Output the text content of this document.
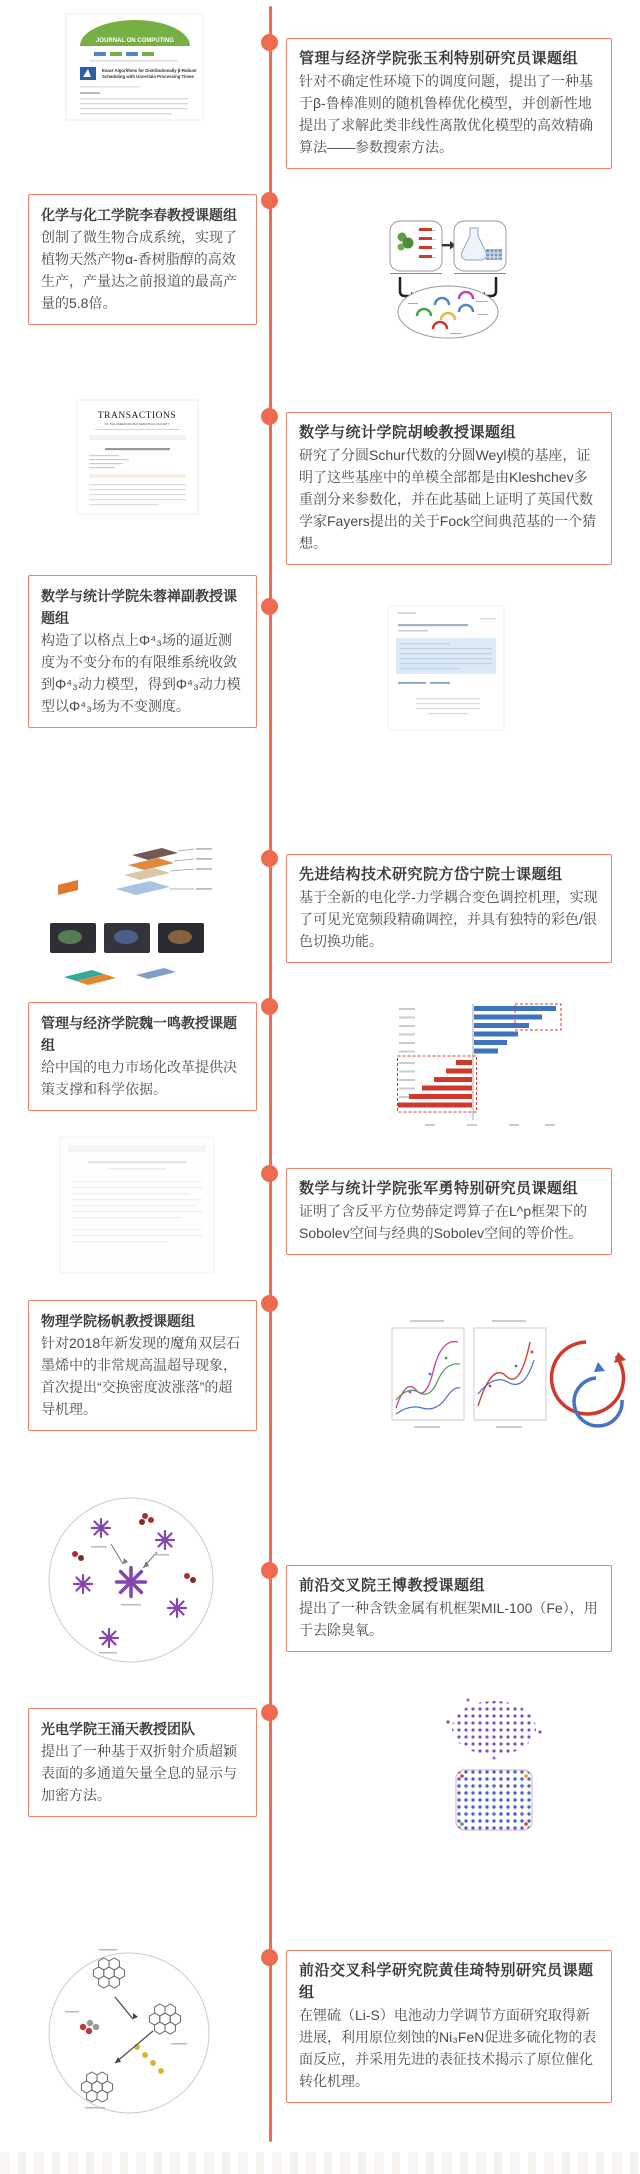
管理与经济学院张玉利特别研究员课题组

针对不确定性环境下的调度问题，提出了一种基于β-鲁棒准则的随机鲁棒优化模型，并创新性地提出了求解此类非线性离散优化模型的高效精确算法——参数搜索方法。

JOURNAL ON COMPUTING
Exact Algorithms for Distributionally β-Robust
Scheduling with Uncertain Processing Times
化学与化工学院李春教授课题组

创制了微生物合成系统，实现了植物天然产物α-香树脂醇的高效生产，产量达之前报道的最高产量的5.8倍。

数学与统计学院胡峻教授课题组

研究了分圆Schur代数的分圆Weyl模的基座，证明了这些基座中的单模全部都是由Kleshchev多重剖分来参数化，并在此基础上证明了英国代数学家Fayers提出的关于Fock空间典范基的一个猜想。

TRANSACTIONS
OF THE AMERICAN MATHEMATICAL SOCIETY
数学与统计学院朱蓉禅副教授课题组

构造了以格点上Φ⁴₃场的逼近测度为不变分布的有限维系统收敛到Φ⁴₃动力模型，得到Φ⁴₃动力模型以Φ⁴₃场为不变测度。

先进结构技术研究院方岱宁院士课题组

基于全新的电化学-力学耦合变色调控机理，实现了可见光宽频段精确调控，并具有独特的彩色/银色切换功能。

管理与经济学院魏一鸣教授课题组

给中国的电力市场化改革提供决策支撑和科学依据。

数学与统计学院张军勇特别研究员课题组

证明了含反平方位势薛定谔算子在L^p框架下的Sobolev空间与经典的Sobolev空间的等价性。

物理学院杨帆教授课题组

针对2018年新发现的魔角双层石墨烯中的非常规高温超导现象，首次提出“交换密度波涨落”的超导机理。

前沿交叉院王博教授课题组

提出了一种含铁金属有机框架MIL-100（Fe），用于去除臭氧。

光电学院王涌天教授团队

提出了一种基于双折射介质超颖表面的多通道矢量全息的显示与加密方法。

前沿交叉科学研究院黄佳琦特别研究员课题组

在锂硫（Li-S）电池动力学调节方面研究取得新进展，利用原位刻蚀的Ni₃FeN促进多硫化物的表面反应，并采用先进的表征技术揭示了原位催化转化机理。
